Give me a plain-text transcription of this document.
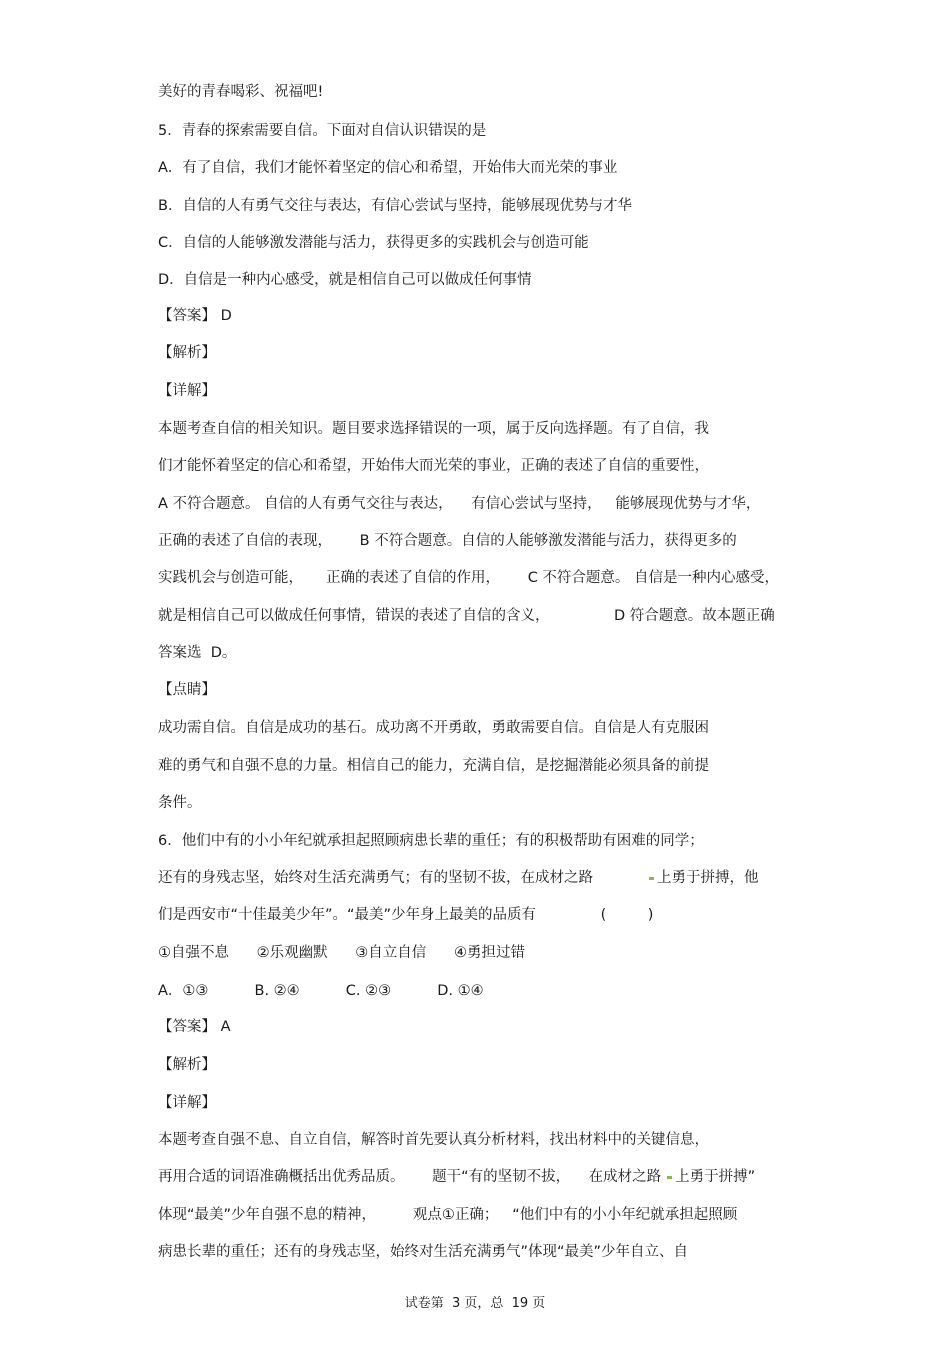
美好的青春喝彩、祝福吧!
5．青春的探索需要自信。下面对自信认识错误的是
A．有了自信，我们才能怀着坚定的信心和希望，开始伟大而光荣的事业
B．自信的人有勇气交往与表达，有信心尝试与坚持，能够展现优势与才华
C．自信的人能够激发潜能与活力，获得更多的实践机会与创造可能
D．自信是一种内心感受，就是相信自己可以做成任何事情
【答案】 D
【解析】
【详解】
本题考查自信的相关知识。题目要求选择错误的一项，属于反向选择题。有了自信，我
们才能怀着坚定的信心和希望，开始伟大而光荣的事业，正确的表述了自信的重要性，
A 不符合题意。 自信的人有勇气交往与表达，    有信心尝试与坚持，   能够展现优势与才华，
正确的表述了自信的表现，      B 不符合题意。自信的人能够激发潜能与活力，获得更多的
实践机会与创造可能，     正确的表述了自信的作用，      C 不符合题意。 自信是一种内心感受，
就是相信自己可以做成任何事情，错误的表述了自信的含义，              D 符合题意。故本题正确
答案选  D。
【点睛】
成功需自信。自信是成功的基石。成功离不开勇敢，勇敢需要自信。自信是人有克服困
难的勇气和自强不息的力量。相信自己的能力，充满自信，是挖掘潜能必须具备的前提
条件。
6．他们中有的小小年纪就承担起照顾病患长辈的重任；有的积极帮助有困难的同学；
还有的身残志坚，始终对生活充满勇气；有的坚韧不拔，在成材之路	上勇于拼搏，他
们是西安市“十佳最美少年”。“最美”少年身上最美的品质有              (         )
①自强不息      ②乐观幽默      ③自立自信      ④勇担过错
A．①③          B. ②④          C. ②③          D. ①④
【答案】 A
【解析】
【详解】
本题考查自强不息、自立自信，解答时首先要认真分析材料，找出材料中的关键信息，
再用合适的词语准确概括出优秀品质。      题干“有的坚韧不拔，    在成材之路 上勇于拼搏”
体现“最美”少年自强不息的精神，        观点①正确；   “他们中有的小小年纪就承担起照顾
病患长辈的重任；还有的身残志坚，始终对生活充满勇气”体现“最美”少年自立、自
试卷第  3 页，总  19 页
